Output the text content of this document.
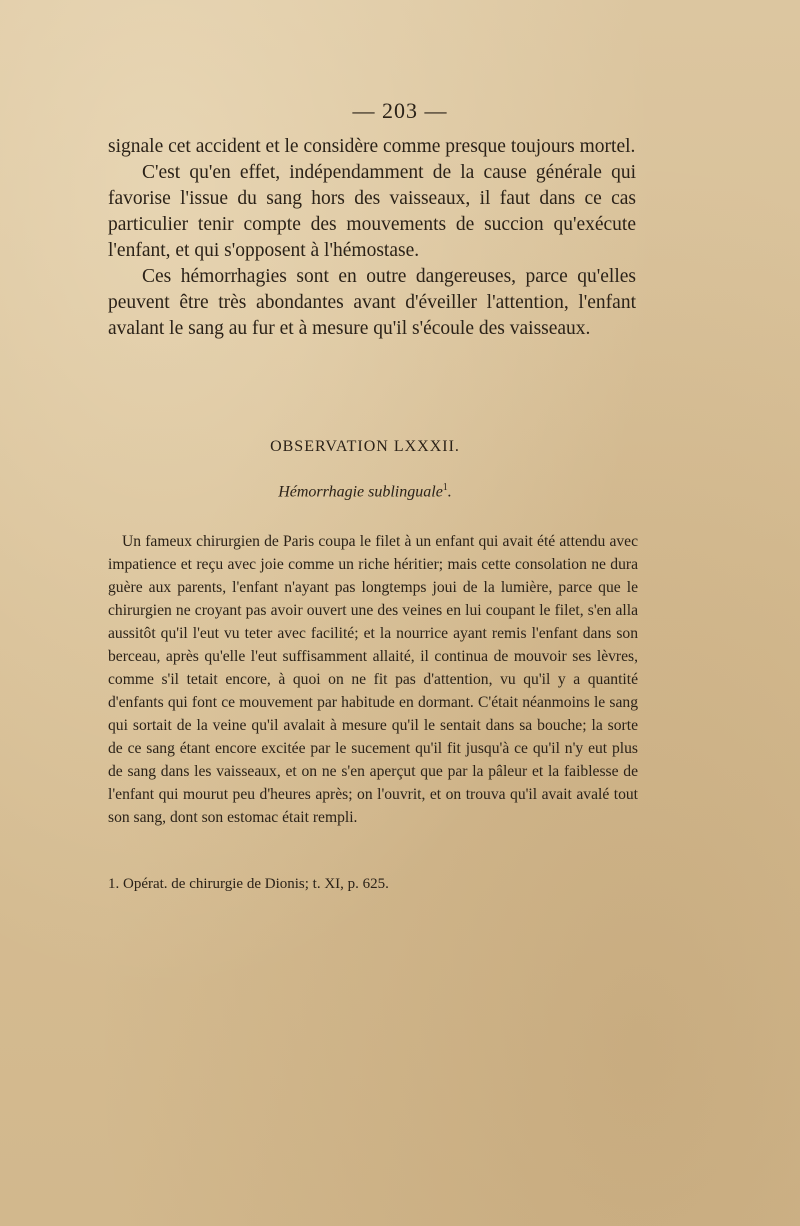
— 203 —

signale cet accident et le considère comme presque toujours mortel.

C'est qu'en effet, indépendamment de la cause générale qui favorise l'issue du sang hors des vaisseaux, il faut dans ce cas particulier tenir compte des mouvements de succion qu'exécute l'enfant, et qui s'opposent à l'hémostase.

Ces hémorrhagies sont en outre dangereuses, parce qu'elles peuvent être très abondantes avant d'éveiller l'attention, l'enfant avalant le sang au fur et à mesure qu'il s'écoule des vaisseaux.

OBSERVATION LXXXII.
Hémorrhagie sublinguale$^1$.

Un fameux chirurgien de Paris coupa le filet à un enfant qui avait été attendu avec impatience et reçu avec joie comme un riche héritier; mais cette consolation ne dura guère aux parents, l'enfant n'ayant pas longtemps joui de la lumière, parce que le chirurgien ne croyant pas avoir ouvert une des veines en lui coupant le filet, s'en alla aussitôt qu'il l'eut vu teter avec facilité; et la nourrice ayant remis l'enfant dans son berceau, après qu'elle l'eut suffisamment allaité, il continua de mouvoir ses lèvres, comme s'il tetait encore, à quoi on ne fit pas d'attention, vu qu'il y a quantité d'enfants qui font ce mouvement par habitude en dormant. C'était néanmoins le sang qui sortait de la veine qu'il avalait à mesure qu'il le sentait dans sa bouche; la sorte de ce sang étant encore excitée par le sucement qu'il fit jusqu'à ce qu'il n'y eut plus de sang dans les vaisseaux, et on ne s'en aperçut que par la pâleur et la faiblesse de l'enfant qui mourut peu d'heures après; on l'ouvrit, et on trouva qu'il avait avalé tout son sang, dont son estomac était rempli.

1. Opérat. de chirurgie de Dionis; t. XI, p. 625.
